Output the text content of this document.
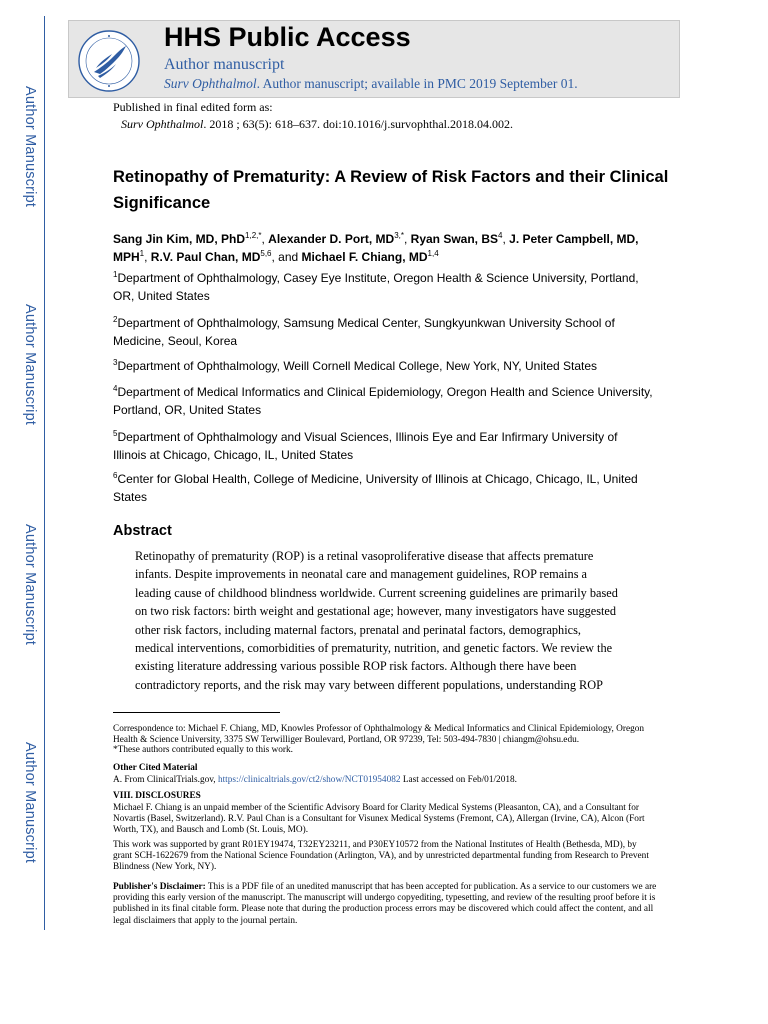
Author Manuscript
Author Manuscript
Author Manuscript
Author Manuscript
HHS Public Access
Author manuscript
Surv Ophthalmol. Author manuscript; available in PMC 2019 September 01.
Published in final edited form as:
Surv Ophthalmol. 2018 ; 63(5): 618–637. doi:10.1016/j.survophthal.2018.04.002.
Retinopathy of Prematurity: A Review of Risk Factors and their Clinical Significance
Sang Jin Kim, MD, PhD$^{1,2,*}$, Alexander D. Port, $MD^{3,*}$, Ryan Swan, $BS^4$, J. Peter Campbell, MD, MPH$^1$, R.V. Paul Chan, MD$^{5,6}$, and Michael F. Chiang, MD$^{1,4}$
$^1$Department of Ophthalmology, Casey Eye Institute, Oregon Health & Science University, Portland, OR, United States
$^2$Department of Ophthalmology, Samsung Medical Center, Sungkyunkwan University School of Medicine, Seoul, Korea
$^3$Department of Ophthalmology, Weill Cornell Medical College, New York, NY, United States
$^4$Department of Medical Informatics and Clinical Epidemiology, Oregon Health and Science University, Portland, OR, United States
$^5$Department of Ophthalmology and Visual Sciences, Illinois Eye and Ear Infirmary University of Illinois at Chicago, Chicago, IL, United States
$^6$Center for Global Health, College of Medicine, University of Illinois at Chicago, Chicago, IL, United States
Abstract
Retinopathy of prematurity (ROP) is a retinal vasoproliferative disease that affects premature
infants. Despite improvements in neonatal care and management guidelines, ROP remains a
leading cause of childhood blindness worldwide. Current screening guidelines are primarily based
on two risk factors: birth weight and gestational age; however, many investigators have suggested
other risk factors, including maternal factors, prenatal and perinatal factors, demographics,
medical interventions, comorbidities of prematurity, nutrition, and genetic factors. We review the
existing literature addressing various possible ROP risk factors. Although there have been
contradictory reports, and the risk may vary between different populations, understanding ROP
Correspondence to: Michael F. Chiang, MD, Knowles Professor of Ophthalmology & Medical Informatics and Clinical Epidemiology, Oregon Health & Science University, 3375 SW Terwilliger Boulevard, Portland, OR 97239, Tel: 503-494-7830 | chiangm@ohsu.edu.
*These authors contributed equally to this work.
Other Cited Material
A. From ClinicalTrials.gov, https://clinicaltrials.gov/ct2/show/NCT01954082 Last accessed on Feb/01/2018.
VIII. DISCLOSURES
Michael F. Chiang is an unpaid member of the Scientific Advisory Board for Clarity Medical Systems (Pleasanton, CA), and a Consultant for Novartis (Basel, Switzerland). R.V. Paul Chan is a Consultant for Visunex Medical Systems (Fremont, CA), Allergan (Irvine, CA), Alcon (Fort Worth, TX), and Bausch and Lomb (St. Louis, MO).
This work was supported by grant R01EY19474, T32EY23211, and P30EY10572 from the National Institutes of Health (Bethesda, MD), by grant SCH-1622679 from the National Science Foundation (Arlington, VA), and by unrestricted departmental funding from Research to Prevent Blindness (New York, NY).
Publisher's Disclaimer: This is a PDF file of an unedited manuscript that has been accepted for publication. As a service to our customers we are providing this early version of the manuscript. The manuscript will undergo copyediting, typesetting, and review of the resulting proof before it is published in its final citable form. Please note that during the production process errors may be discovered which could affect the content, and all legal disclaimers that apply to the journal pertain.
